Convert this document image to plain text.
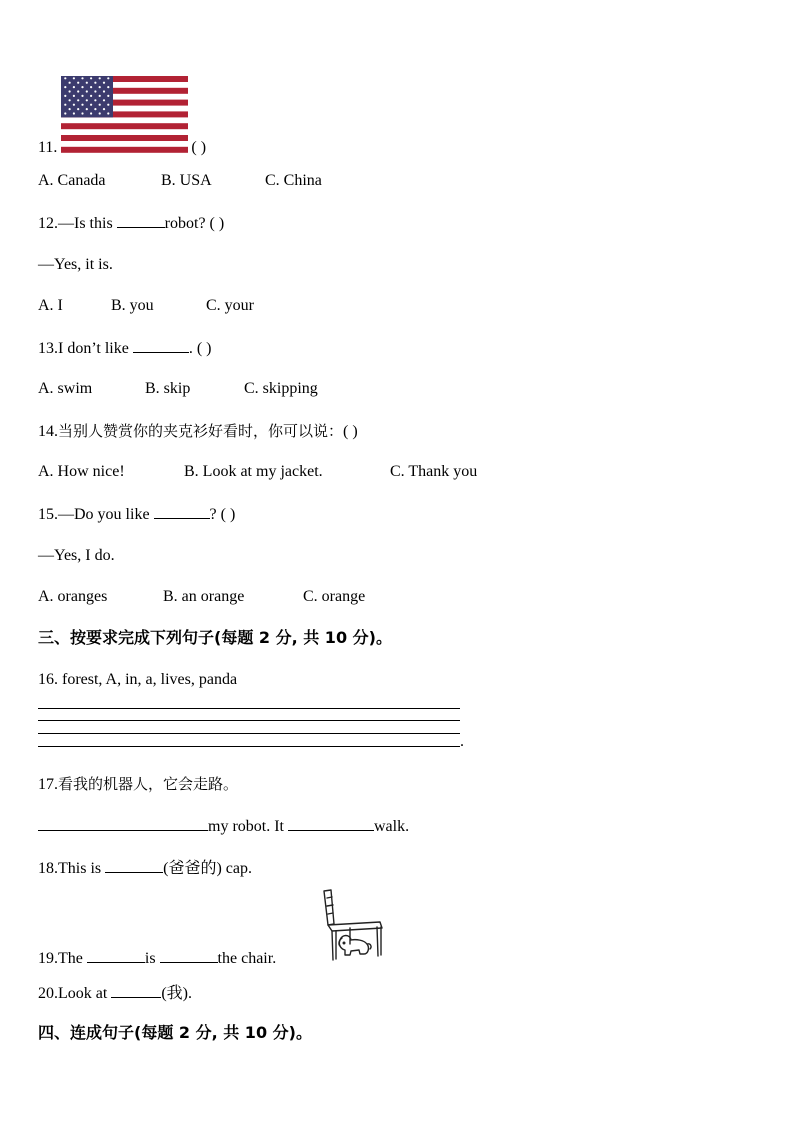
11.	( )
A. Canada	B. USA	C. China
12.—Is this	robot? ( )
—Yes, it is.
A. I	B. you	C. your
13.I don’t like	. ( )
A. swim	B. skip	C. skipping
14.当别人赞赏你的夹克衫好看时，你可以说：( )
A. How nice!	B. Look at my jacket.	C. Thank you
15.—Do you like	? ( )
—Yes, I do.
A. oranges	B. an orange	C. orange
三、按要求完成下列句子(每题 2 分, 共 10 分)。
16. forest, A, in, a, lives, panda
.
17.看我的机器人，它会走路。
my robot. It	walk.
18.This is	(爸爸的) cap.
19.The	is	the chair.
20.Look at	(我).
四、连成句子(每题 2 分, 共 10 分)。
